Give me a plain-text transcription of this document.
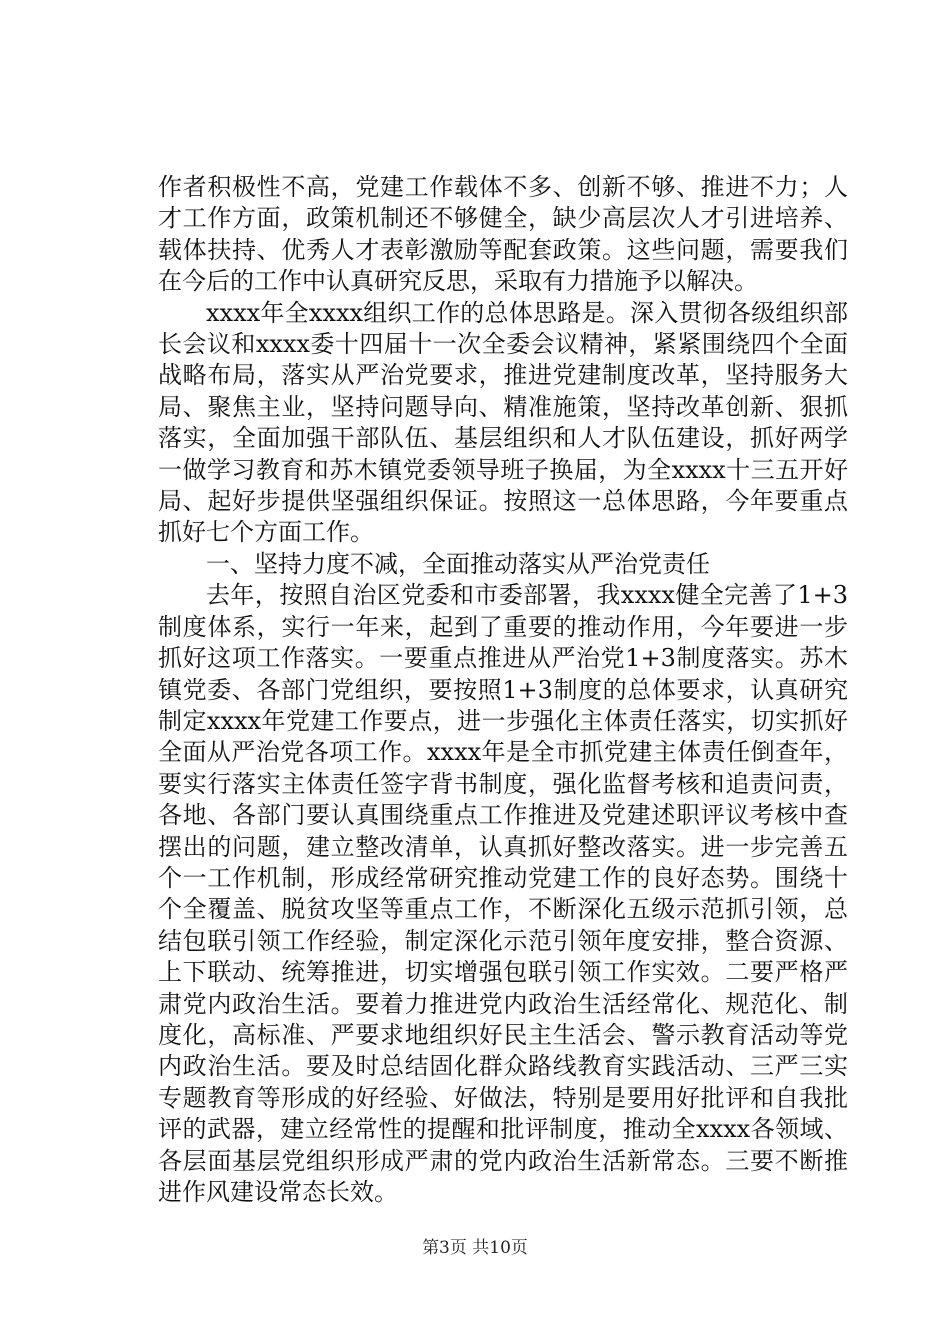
作者积极性不高，党建工作载体不多、创新不够、推进不力；人才工作方面，政策机制还不够健全，缺少高层次人才引进培养、载体扶持、优秀人才表彰激励等配套政策。这些问题，需要我们在今后的工作中认真研究反思，采取有力措施予以解决。

xxxx年全xxxx组织工作的总体思路是。深入贯彻各级组织部长会议和xxxx委十四届十一次全委会议精神，紧紧围绕四个全面战略布局，落实从严治党要求，推进党建制度改革，坚持服务大局、聚焦主业，坚持问题导向、精准施策，坚持改革创新、狠抓落实，全面加强干部队伍、基层组织和人才队伍建设，抓好两学一做学习教育和苏木镇党委领导班子换届，为全xxxx十三五开好局、起好步提供坚强组织保证。按照这一总体思路，今年要重点抓好七个方面工作。

一、坚持力度不减，全面推动落实从严治党责任

去年，按照自治区党委和市委部署，我xxxx健全完善了1+3制度体系，实行一年来，起到了重要的推动作用，今年要进一步抓好这项工作落实。一要重点推进从严治党1+3制度落实。苏木镇党委、各部门党组织，要按照1+3制度的总体要求，认真研究制定xxxx年党建工作要点，进一步强化主体责任落实，切实抓好全面从严治党各项工作。xxxx年是全市抓党建主体责任倒查年，要实行落实主体责任签字背书制度，强化监督考核和追责问责，各地、各部门要认真围绕重点工作推进及党建述职评议考核中查摆出的问题，建立整改清单，认真抓好整改落实。进一步完善五个一工作机制，形成经常研究推动党建工作的良好态势。围绕十个全覆盖、脱贫攻坚等重点工作，不断深化五级示范抓引领，总结包联引领工作经验，制定深化示范引领年度安排，整合资源、上下联动、统筹推进，切实增强包联引领工作实效。二要严格严肃党内政治生活。要着力推进党内政治生活经常化、规范化、制度化，高标准、严要求地组织好民主生活会、警示教育活动等党内政治生活。要及时总结固化群众路线教育实践活动、三严三实专题教育等形成的好经验、好做法，特别是要用好批评和自我批评的武器，建立经常性的提醒和批评制度，推动全xxxx各领域、各层面基层党组织形成严肃的党内政治生活新常态。三要不断推进作风建设常态长效。

第3页 共10页
